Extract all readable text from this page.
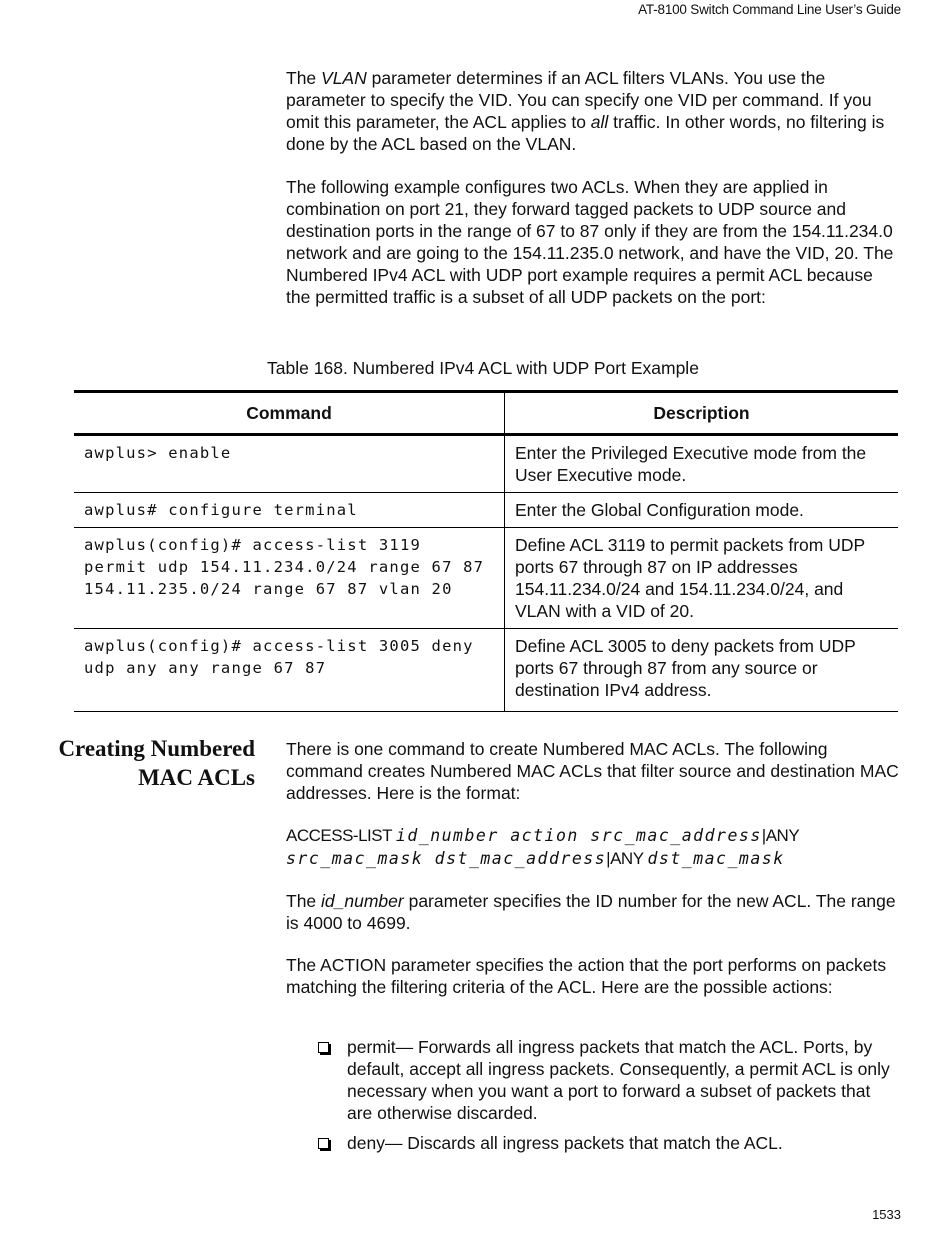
AT-8100 Switch Command Line User’s Guide

The VLAN parameter determines if an ACL filters VLANs. You use the parameter to specify the VID. You can specify one VID per command. If you omit this parameter, the ACL applies to all traffic. In other words, no filtering is done by the ACL based on the VLAN.

The following example configures two ACLs. When they are applied in combination on port 21, they forward tagged packets to UDP source and destination ports in the range of 67 to 87 only if they are from the 154.11.234.0 network and are going to the 154.11.235.0 network, and have the VID, 20. The Numbered IPv4 ACL with UDP port example requires a permit ACL because the permitted traffic is a subset of all UDP packets on the port:

Table 168. Numbered IPv4 ACL with UDP Port Example
Command	Description
awplus> enable	Enter the Privileged Executive mode from the User Executive mode.
awplus# configure terminal	Enter the Global Configuration mode.
awplus(config)# access-list 3119 permit udp 154.11.234.0/24 range 67 87 154.11.235.0/24 range 67 87 vlan 20	Define ACL 3119 to permit packets from UDP ports 67 through 87 on IP addresses 154.11.234.0/24 and 154.11.234.0/24, and VLAN with a VID of 20.
awplus(config)# access-list 3005 deny udp any any range 67 87	Define ACL 3005 to deny packets from UDP ports 67 through 87 from any source or destination IPv4 address.
Creating Numbered MAC ACLs

There is one command to create Numbered MAC ACLs. The following command creates Numbered MAC ACLs that filter source and destination MAC addresses. Here is the format:

ACCESS-LIST id_number action src_mac_address|ANY
src_mac_mask dst_mac_address|ANY dst_mac_mask

The id_number parameter specifies the ID number for the new ACL. The range is 4000 to 4699.

The ACTION parameter specifies the action that the port performs on packets matching the filtering criteria of the ACL. Here are the possible actions:

permit— Forwards all ingress packets that match the ACL. Ports, by default, accept all ingress packets. Consequently, a permit ACL is only necessary when you want a port to forward a subset of packets that are otherwise discarded.
deny— Discards all ingress packets that match the ACL.
1533
